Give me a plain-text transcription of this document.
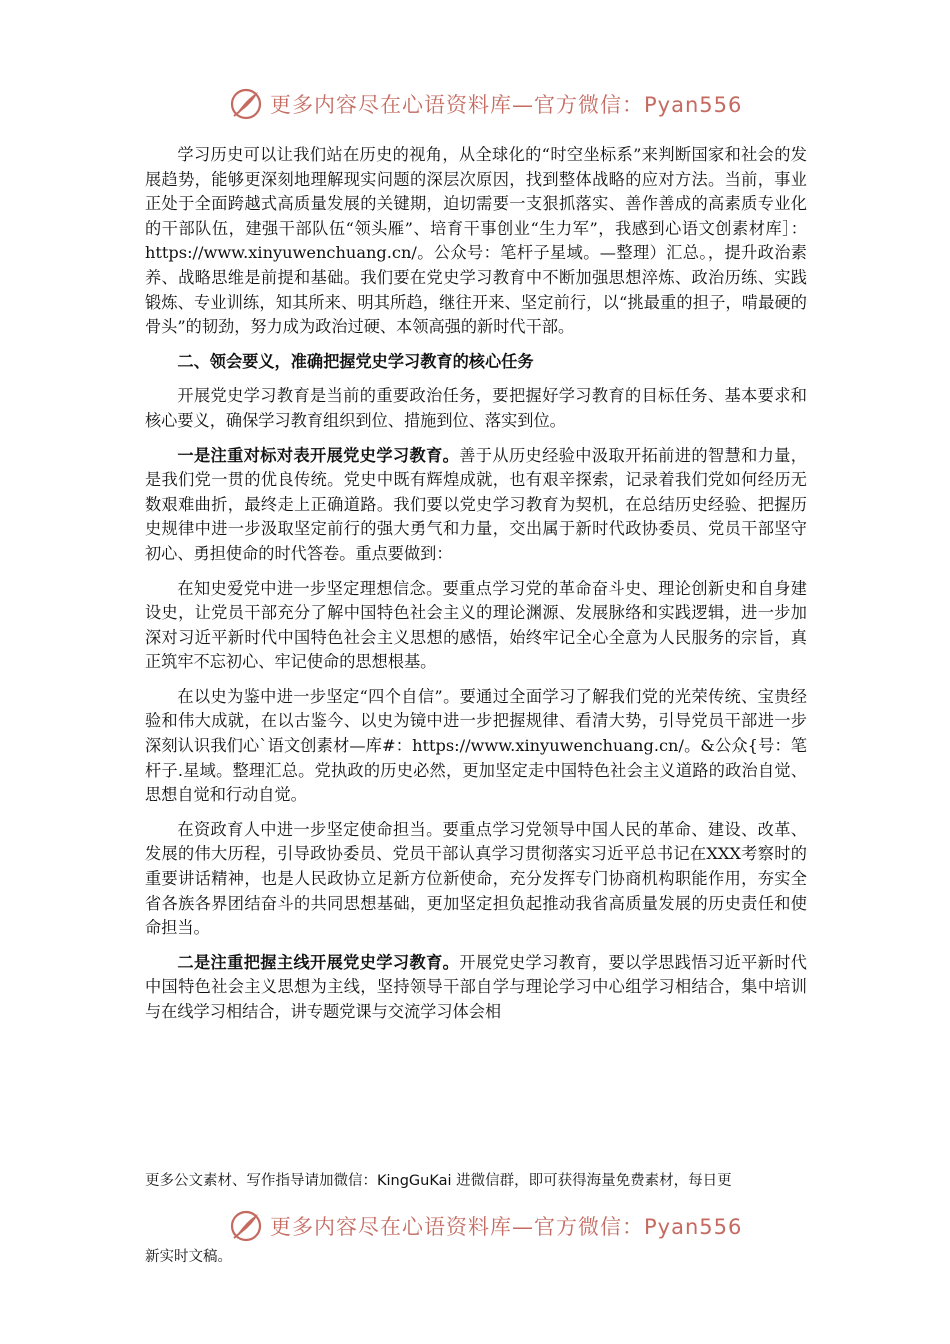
更多内容尽在心语资料库—官方微信：Pyan556

学习历史可以让我们站在历史的视角，从全球化的“时空坐标系”来判断国家和社会的发展趋势，能够更深刻地理解现实问题的深层次原因，找到整体战略的应对方法。当前，事业正处于全面跨越式高质量发展的关键期，迫切需要一支狠抓落实、善作善成的高素质专业化的干部队伍，建强干部队伍“领头雁”、培育干事创业“生力军”，我感到心语文创素材库］：https://www.xinyuwenchuang.cn/。公众号：笔杆子星域。—整理）汇总。，提升政治素养、战略思维是前提和基础。我们要在党史学习教育中不断加强思想淬炼、政治历练、实践锻炼、专业训练，知其所来、明其所趋，继往开来、坚定前行，以“挑最重的担子，啃最硬的骨头”的韧劲，努力成为政治过硬、本领高强的新时代干部。

二、领会要义，准确把握党史学习教育的核心任务

开展党史学习教育是当前的重要政治任务，要把握好学习教育的目标任务、基本要求和核心要义，确保学习教育组织到位、措施到位、落实到位。

一是注重对标对表开展党史学习教育。善于从历史经验中汲取开拓前进的智慧和力量，是我们党一贯的优良传统。党史中既有辉煌成就，也有艰辛探索，记录着我们党如何经历无数艰难曲折，最终走上正确道路。我们要以党史学习教育为契机，在总结历史经验、把握历史规律中进一步汲取坚定前行的强大勇气和力量，交出属于新时代政协委员、党员干部坚守初心、勇担使命的时代答卷。重点要做到：

在知史爱党中进一步坚定理想信念。要重点学习党的革命奋斗史、理论创新史和自身建设史，让党员干部充分了解中国特色社会主义的理论渊源、发展脉络和实践逻辑，进一步加深对习近平新时代中国特色社会主义思想的感悟，始终牢记全心全意为人民服务的宗旨，真正筑牢不忘初心、牢记使命的思想根基。

在以史为鉴中进一步坚定“四个自信”。要通过全面学习了解我们党的光荣传统、宝贵经验和伟大成就，在以古鉴今、以史为镜中进一步把握规律、看清大势，引导党员干部进一步深刻认识我们心`语文创素材—库#：https://www.xinyuwenchuang.cn/。&公众{号：笔杆子.星域。整理汇总。党执政的历史必然，更加坚定走中国特色社会主义道路的政治自觉、思想自觉和行动自觉。

在资政育人中进一步坚定使命担当。要重点学习党领导中国人民的革命、建设、改革、发展的伟大历程，引导政协委员、党员干部认真学习贯彻落实习近平总书记在XXX考察时的重要讲话精神，也是人民政协立足新方位新使命，充分发挥专门协商机构职能作用，夯实全省各族各界团结奋斗的共同思想基础，更加坚定担负起推动我省高质量发展的历史责任和使命担当。

二是注重把握主线开展党史学习教育。开展党史学习教育，要以学思践悟习近平新时代中国特色社会主义思想为主线，坚持领导干部自学与理论学习中心组学习相结合，集中培训与在线学习相结合，讲专题党课与交流学习体会相

更多公文素材、写作指导请加微信：KingGuKai 进微信群，即可获得海量免费素材，每日更
更多内容尽在心语资料库—官方微信：Pyan556
新实时文稿。
